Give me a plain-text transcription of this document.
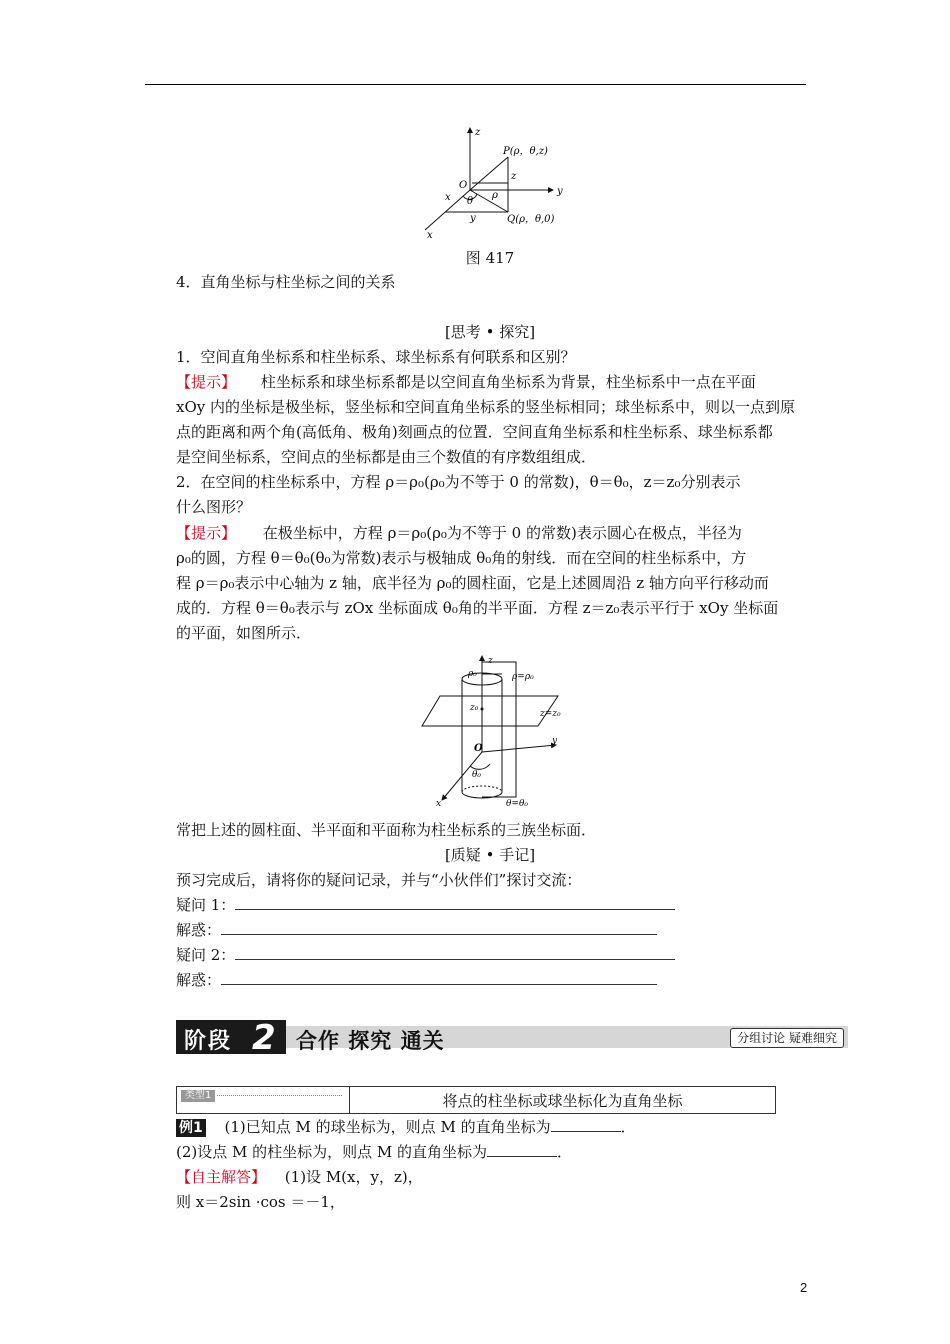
z
P(ρ，θ,z)
O
x
y
z
ρ
θ
y	Q(ρ，θ,0)
x
图 417
4．直角坐标与柱坐标之间的关系
[思考 • 探究]
1．空间直角坐标系和柱坐标系、球坐标系有何联系和区别？
【提示】 柱坐标系和球坐标系都是以空间直角坐标系为背景，柱坐标系中一点在平面
xOy 内的坐标是极坐标，竖坐标和空间直角坐标系的竖坐标相同；球坐标系中，则以一点到原
点的距离和两个角(高低角、极角)刻画点的位置．空间直角坐标系和柱坐标系、球坐标系都
是空间坐标系，空间点的坐标都是由三个数值的有序数组组成．
2．在空间的柱坐标系中，方程 ρ＝ρ₀(ρ₀为不等于 0 的常数)，θ＝θ₀，z＝z₀分别表示
什么图形？
【提示】 在极坐标中，方程 ρ＝ρ₀(ρ₀为不等于 0 的常数)表示圆心在极点，半径为
ρ₀的圆，方程 θ＝θ₀(θ₀为常数)表示与极轴成 θ₀角的射线．而在空间的柱坐标系中，方
程 ρ＝ρ₀表示中心轴为 z 轴，底半径为 ρ₀的圆柱面，它是上述圆周沿 z 轴方向平行移动而
成的．方程 θ＝θ₀表示与 zOx 坐标面成 θ₀角的半平面．方程 z＝z₀表示平行于 xOy 坐标面
的平面，如图所示．
z
ρ=ρ₀
ρ₀
z₀
z=z₀
O
y
θ₀
x	θ=θ₀
常把上述的圆柱面、半平面和平面称为柱坐标系的三族坐标面．
[质疑 • 手记]
预习完成后，请将你的疑问记录，并与“小伙伴们”探讨交流：
疑问 1：
解惑：
疑问 2：
解惑：
阶段 2 合作 探究 通关	分组讨论 疑难细究
类型1	将点的柱坐标或球坐标化为直角坐标
例1 (1)已知点 M 的球坐标为，则点 M 的直角坐标为	．
(2)设点 M 的柱坐标为，则点 M 的直角坐标为	．
【自主解答】 (1)设 M(x，y，z)，
则 x＝2sin ·cos ＝－1，
2
